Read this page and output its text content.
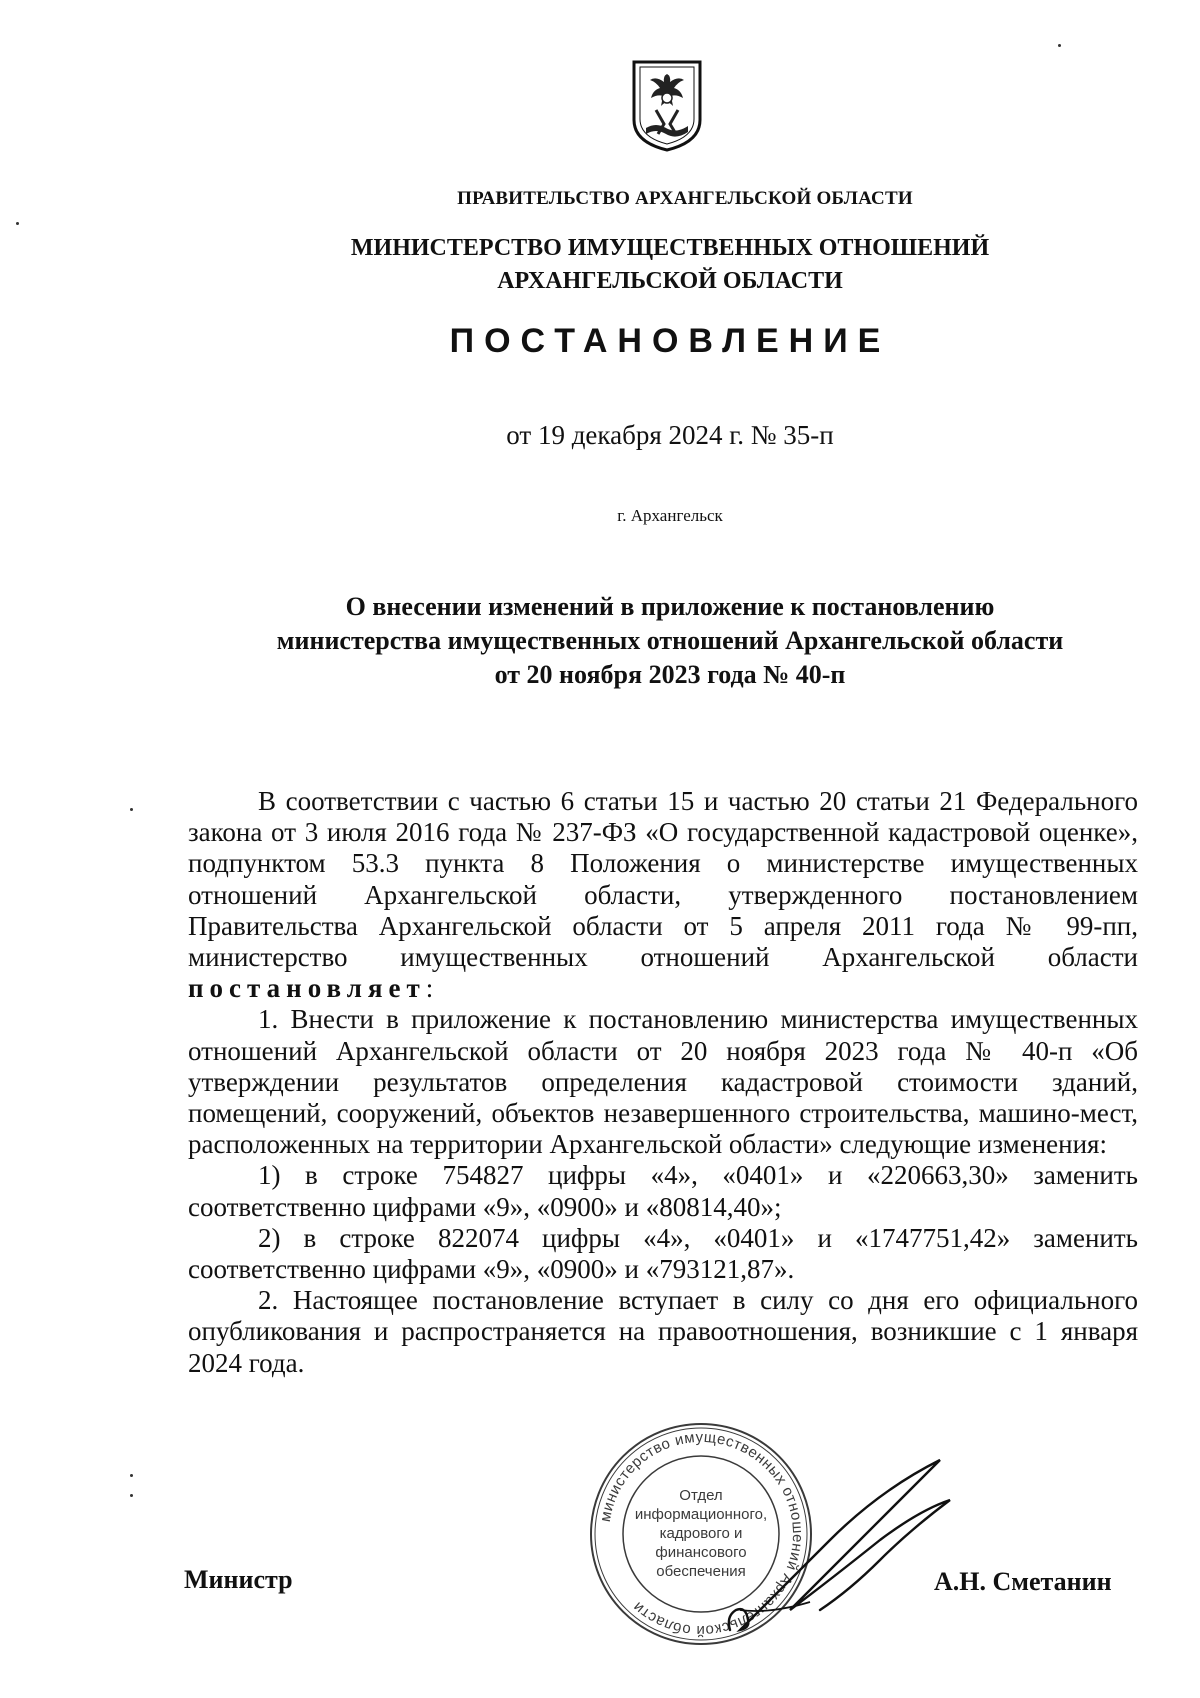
ПРАВИТЕЛЬСТВО АРХАНГЕЛЬСКОЙ ОБЛАСТИ
МИНИСТЕРСТВО ИМУЩЕСТВЕННЫХ ОТНОШЕНИЙ
АРХАНГЕЛЬСКОЙ ОБЛАСТИ
ПОСТАНОВЛЕНИЕ
от 19 декабря 2024 г. № 35-п
г. Архангельск
О внесении изменений в приложение к постановлению
министерства имущественных отношений Архангельской области
от 20 ноября 2023 года № 40-п

В соответствии с частью 6 статьи 15 и частью 20 статьи 21 Федерального закона от 3 июля 2016 года № 237-ФЗ «О государственной кадастровой оценке», подпунктом 53.3 пункта 8 Положения о министерстве имущественных отношений Архангельской области, утвержденного постановлением Правительства Архангельской области от 5 апреля 2011 года № 99-пп, министерство имущественных отношений Архангельской области постановляет:

1. Внести в приложение к постановлению министерства имущественных отношений Архангельской области от 20 ноября 2023 года № 40-п «Об утверждении результатов определения кадастровой стоимости зданий, помещений, сооружений, объектов незавершенного строительства, машино-мест, расположенных на территории Архангельской области» следующие изменения:

1) в строке 754827 цифры «4», «0401» и «220663,30» заменить соответственно цифрами «9», «0900» и «80814,40»;

2) в строке 822074 цифры «4», «0401» и «1747751,42» заменить соответственно цифрами «9», «0900» и «793121,87».

2. Настоящее постановление вступает в силу со дня его официального опубликования и распространяется на правоотношения, возникшие с 1 января 2024 года.

министерство имущественных отношений Архангельской области
Отдел
информационного,
кадрового и
финансового
обеспечения
Министр	А.Н. Сметанин
